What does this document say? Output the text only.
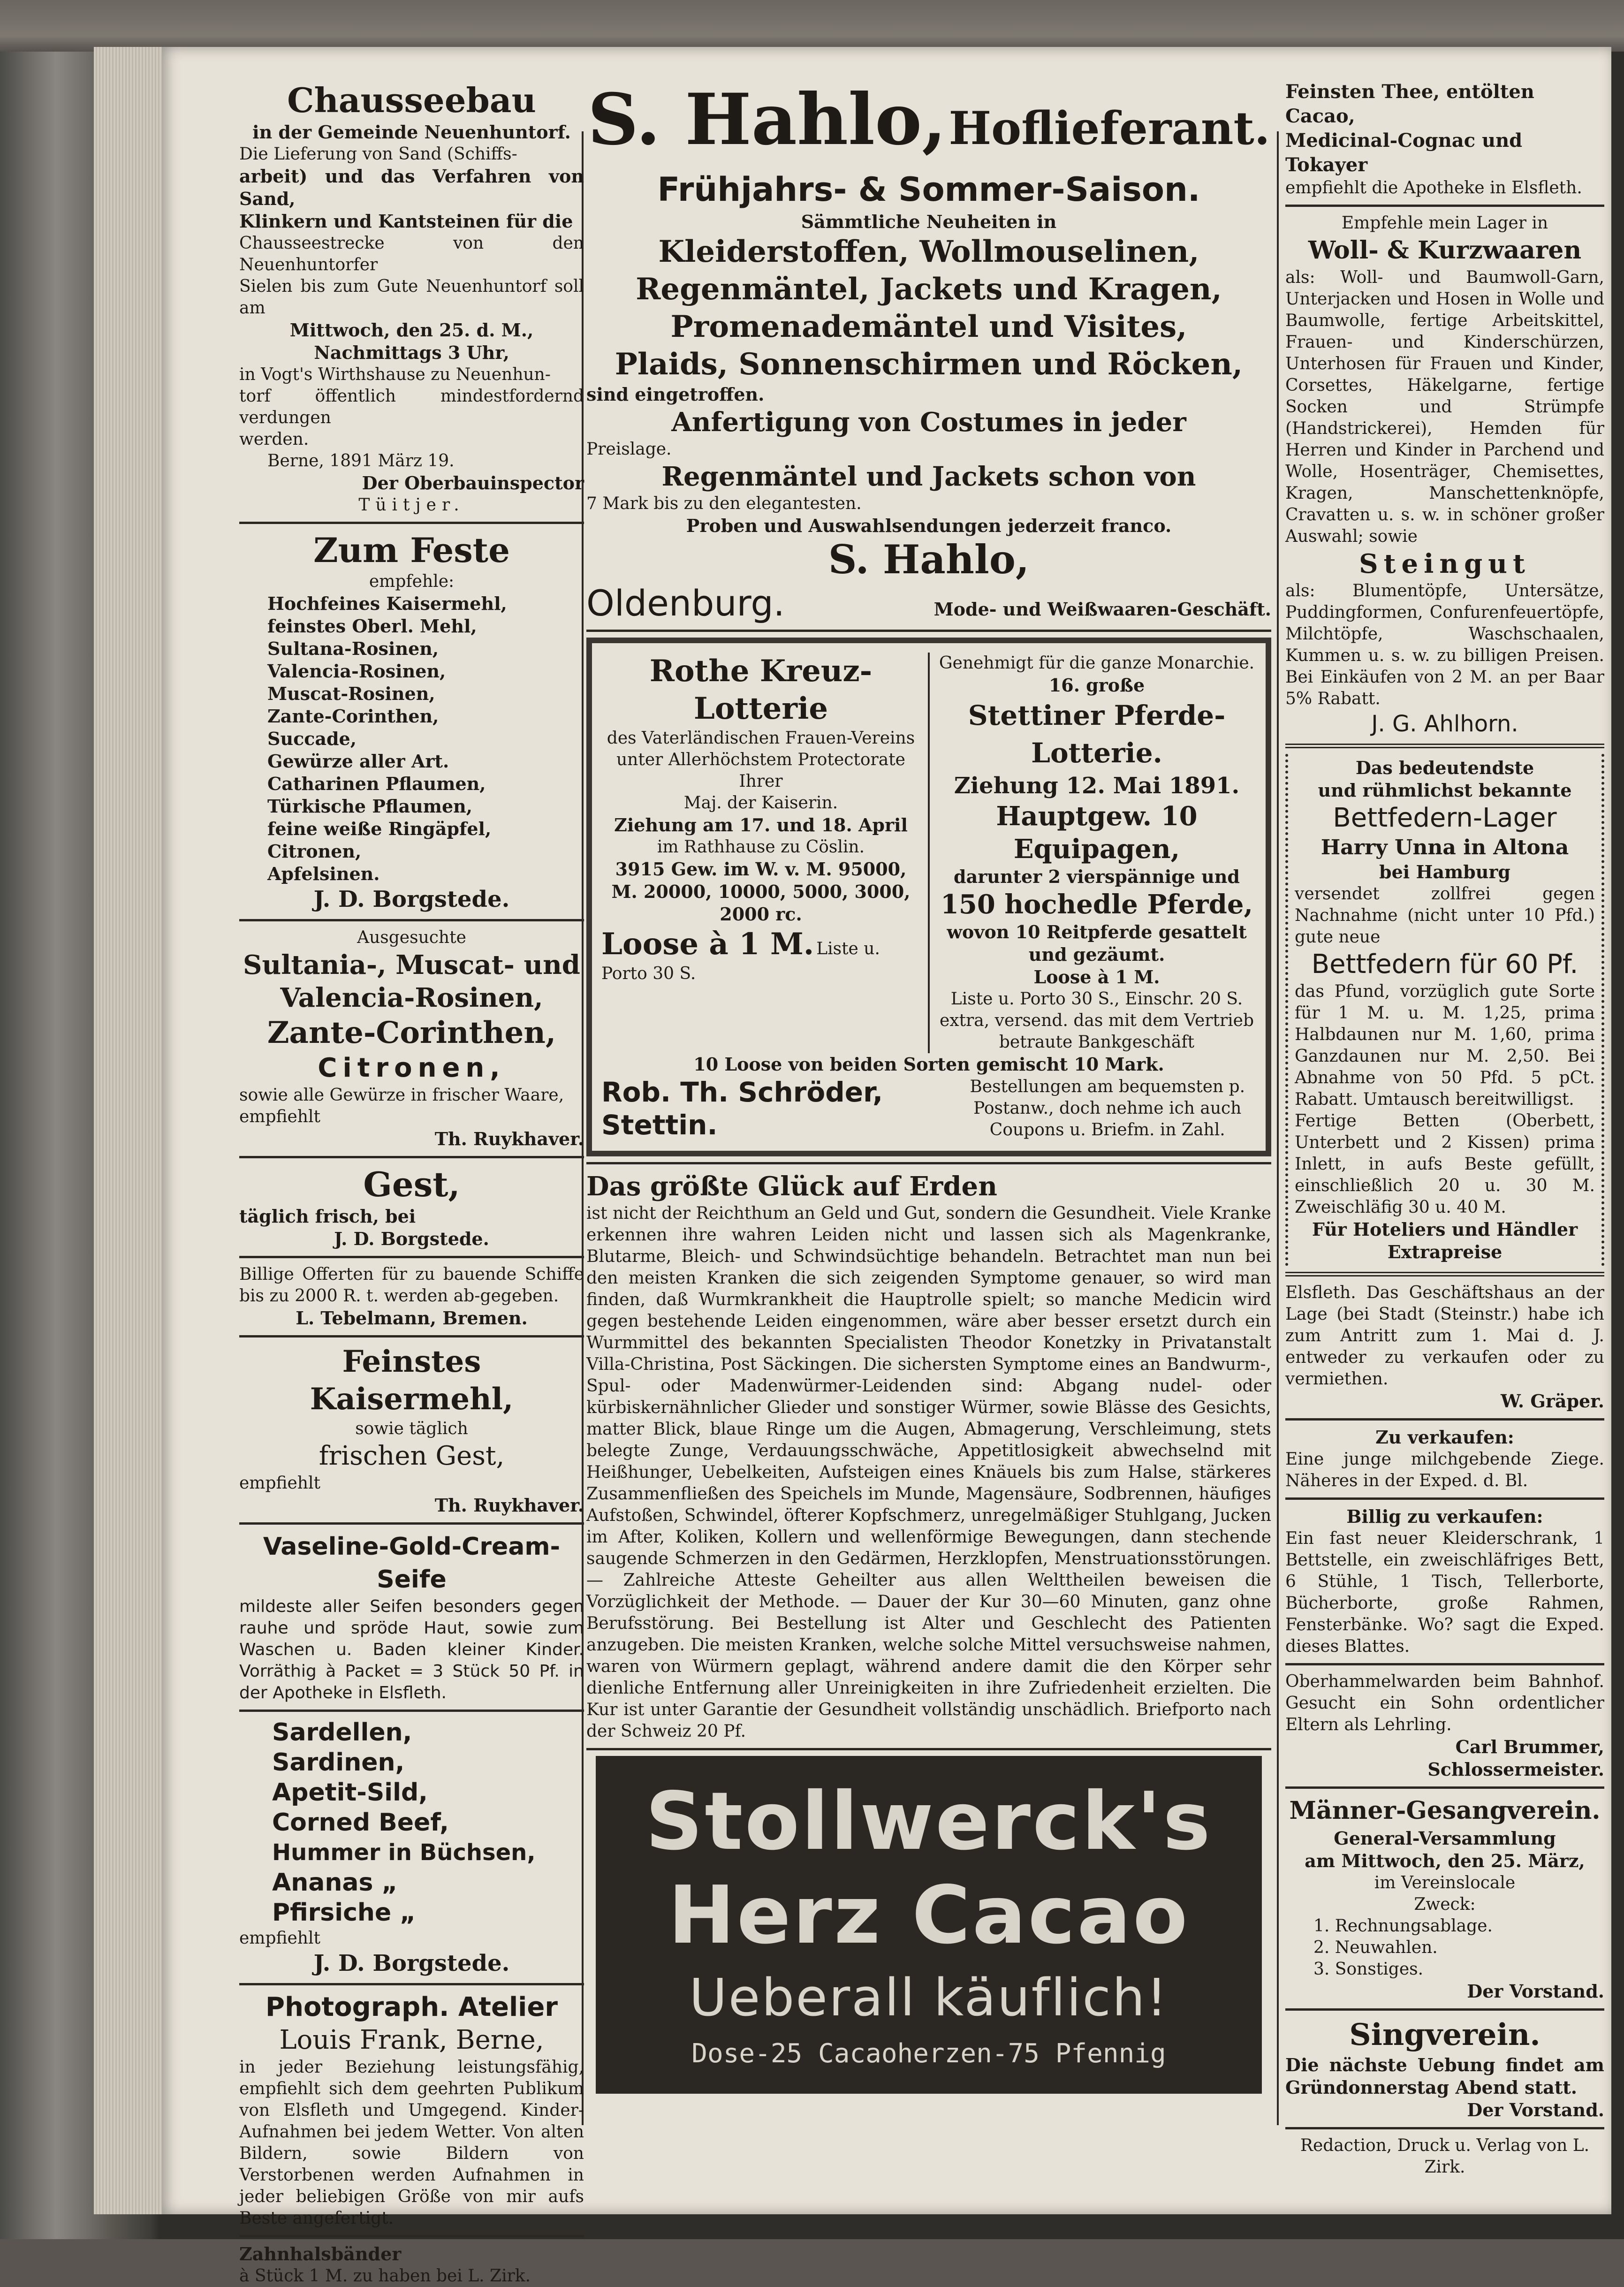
Chausseebau

in der Gemeinde Neuenhuntorf.

Die Lieferung von Sand (Schiffs-

arbeit) und das Verfahren von Sand,

Klinkern und Kantsteinen für die

Chausseestrecke von den Neuenhuntorfer

Sielen bis zum Gute Neuenhuntorf soll am

Mittwoch, den 25. d. M.,

Nachmittags 3 Uhr,

in Vogt's Wirthshause zu Neuenhun-

torf öffentlich mindestfordernd verdungen

werden.

Berne, 1891 März 19.

Der Oberbauinspector

Tüitjer.

Zum Feste

empfehle:

Hochfeines Kaisermehl,

feinstes Oberl. Mehl,

Sultana-Rosinen,

Valencia-Rosinen,

Muscat-Rosinen,

Zante-Corinthen,

Succade,

Gewürze aller Art.

Catharinen Pflaumen,

Türkische Pflaumen,

feine weiße Ringäpfel,

Citronen,

Apfelsinen.

J. D. Borgstede.

Ausgesuchte

Sultania-, Muscat- und

Valencia-Rosinen,

Zante-Corinthen,

Citronen,

sowie alle Gewürze in frischer Waare,

empfiehlt

Th. Ruykhaver.

Gest,

täglich frisch, bei

J. D. Borgstede.

Billige Offerten für zu bauende Schiffe bis zu 2000 R. t. werden ab-gegeben.

L. Tebelmann, Bremen.

Feinstes Kaisermehl,

sowie täglich

frischen Gest,

empfiehlt

Th. Ruykhaver.

Vaseline-Gold-Cream-Seife

mildeste aller Seifen besonders gegen rauhe und spröde Haut, sowie zum Waschen u. Baden kleiner Kinder. Vorräthig à Packet = 3 Stück 50 Pf. in der Apotheke in Elsfleth.

Sardellen,

Sardinen,

Apetit-Sild,

Corned Beef,

Hummer in Büchsen,

Ananas „

Pfirsiche „

empfiehlt

J. D. Borgstede.

Photograph. Atelier

Louis Frank, Berne,

in jeder Beziehung leistungsfähig, empfiehlt sich dem geehrten Publikum von Elsfleth und Umgegend. Kinder-Aufnahmen bei jedem Wetter. Von alten Bildern, sowie Bildern von Verstorbenen werden Aufnahmen in jeder beliebigen Größe von mir aufs Beste angefertigt.

Zahnhalsbänder

à Stück 1 M. zu haben bei L. Zirk.

S. Hahlo, Hoflieferant.

Frühjahrs- & Sommer-Saison.

Sämmtliche Neuheiten in

Kleiderstoffen, Wollmouselinen,

Regenmäntel, Jackets und Kragen,

Promenademäntel und Visites,

Plaids, Sonnenschirmen und Röcken,

sind eingetroffen.

Anfertigung von Costumes in jeder

Preislage.

Regenmäntel und Jackets schon von

7 Mark bis zu den elegantesten.

Proben und Auswahlsendungen jederzeit franco.

S. Hahlo,

Oldenburg.	Mode- und Weißwaaren-Geschäft.

Rothe Kreuz-Lotterie

des Vaterländischen Frauen-Vereins

unter Allerhöchstem Protectorate Ihrer

Maj. der Kaiserin.

Ziehung am 17. und 18. April

im Rathhause zu Cöslin.

3915 Gew. im W. v. M. 95000,

M. 20000, 10000, 5000, 3000,

2000 rc.

Loose à 1 M. Liste u. Porto 30 S.

Genehmigt für die ganze Monarchie.

16. große

Stettiner Pferde-Lotterie.

Ziehung 12. Mai 1891.

Hauptgew. 10 Equipagen,

darunter 2 vierspännige und

150 hochedle Pferde,

wovon 10 Reitpferde gesattelt

und gezäumt.

Loose à 1 M.

Liste u. Porto 30 S., Einschr. 20 S. extra, versend. das mit dem Vertrieb betraute Bankgeschäft

10 Loose von beiden Sorten gemischt 10 Mark.

Rob. Th. Schröder, Stettin.

Bestellungen am bequemsten p. Postanw., doch nehme ich auch Coupons u. Briefm. in Zahl.

Das größte Glück auf Erden

ist nicht der Reichthum an Geld und Gut, sondern die Gesundheit. Viele Kranke erkennen ihre wahren Leiden nicht und lassen sich als Magenkranke, Blutarme, Bleich- und Schwindsüchtige behandeln. Betrachtet man nun bei den meisten Kranken die sich zeigenden Symptome genauer, so wird man finden, daß Wurmkrankheit die Hauptrolle spielt; so manche Medicin wird gegen bestehende Leiden eingenommen, wäre aber besser ersetzt durch ein Wurmmittel des bekannten Specialisten Theodor Konetzky in Privatanstalt Villa-Christina, Post Säckingen. Die sichersten Symptome eines an Bandwurm-, Spul- oder Madenwürmer-Leidenden sind: Abgang nudel- oder kürbiskernähnlicher Glieder und sonstiger Würmer, sowie Blässe des Gesichts, matter Blick, blaue Ringe um die Augen, Abmagerung, Verschleimung, stets belegte Zunge, Verdauungsschwäche, Appetitlosigkeit abwechselnd mit Heißhunger, Uebelkeiten, Aufsteigen eines Knäuels bis zum Halse, stärkeres Zusammenfließen des Speichels im Munde, Magensäure, Sodbrennen, häufiges Aufstoßen, Schwindel, öfterer Kopfschmerz, unregelmäßiger Stuhlgang, Jucken im After, Koliken, Kollern und wellenförmige Bewegungen, dann stechende saugende Schmerzen in den Gedärmen, Herzklopfen, Menstruationsstörungen. — Zahlreiche Atteste Geheilter aus allen Welttheilen beweisen die Vorzüglichkeit der Methode. — Dauer der Kur 30—60 Minuten, ganz ohne Berufsstörung. Bei Bestellung ist Alter und Geschlecht des Patienten anzugeben. Die meisten Kranken, welche solche Mittel versuchsweise nahmen, waren von Würmern geplagt, während andere damit die den Körper sehr dienliche Entfernung aller Unreinigkeiten in ihre Zufriedenheit erzielten. Die Kur ist unter Garantie der Gesundheit vollständig unschädlich. Briefporto nach der Schweiz 20 Pf.

Stollwerck's

Herz Cacao

Ueberall käuflich!

Dose-25 Cacaoherzen-75 Pfennig

Feinsten Thee, entölten Cacao,

Medicinal-Cognac und Tokayer

empfiehlt die Apotheke in Elsfleth.

Empfehle mein Lager in

Woll- & Kurzwaaren

als: Woll- und Baumwoll-Garn, Unterjacken und Hosen in Wolle und Baumwolle, fertige Arbeitskittel, Frauen- und Kinderschürzen, Unterhosen für Frauen und Kinder, Corsettes, Häkelgarne, fertige Socken und Strümpfe (Handstrickerei), Hemden für Herren und Kinder in Parchend und Wolle, Hosenträger, Chemisettes, Kragen, Manschettenknöpfe, Cravatten u. s. w. in schöner großer Auswahl; sowie

Steingut

als: Blumentöpfe, Untersätze, Puddingformen, Confurenfeuertöpfe, Milchtöpfe, Waschschaalen, Kummen u. s. w. zu billigen Preisen. Bei Einkäufen von 2 M. an per Baar 5% Rabatt.

J. G. Ahlhorn.

Das bedeutendste

und rühmlichst bekannte

Bettfedern-Lager

Harry Unna in Altona

bei Hamburg

versendet zollfrei gegen Nachnahme (nicht unter 10 Pfd.) gute neue

Bettfedern für 60 Pf.

das Pfund, vorzüglich gute Sorte für 1 M. u. M. 1,25, prima Halbdaunen nur M. 1,60, prima Ganzdaunen nur M. 2,50. Bei Abnahme von 50 Pfd. 5 pCt. Rabatt. Umtausch bereitwilligst.

Fertige Betten (Oberbett, Unterbett und 2 Kissen) prima Inlett, in aufs Beste gefüllt, einschließlich 20 u. 30 M. Zweischläfig 30 u. 40 M.

Für Hoteliers und Händler

Extrapreise

Elsfleth. Das Geschäftshaus an der Lage (bei Stadt (Steinstr.) habe ich zum Antritt zum 1. Mai d. J. entweder zu verkaufen oder zu vermiethen.

W. Gräper.

Zu verkaufen:

Eine junge milchgebende Ziege. Näheres in der Exped. d. Bl.

Billig zu verkaufen:

Ein fast neuer Kleiderschrank, 1 Bettstelle, ein zweischläfriges Bett, 6 Stühle, 1 Tisch, Tellerborte, Bücherborte, große Rahmen, Fensterbänke. Wo? sagt die Exped. dieses Blattes.

Oberhammelwarden beim Bahnhof. Gesucht ein Sohn ordentlicher Eltern als Lehrling.

Carl Brummer, Schlossermeister.

Männer-Gesangverein.

General-Versammlung

am Mittwoch, den 25. März,

im Vereinslocale

Zweck:

1. Rechnungsablage.

2. Neuwahlen.

3. Sonstiges.

Der Vorstand.

Singverein.

Die nächste Uebung findet am Gründonnerstag Abend statt.

Der Vorstand.

Redaction, Druck u. Verlag von L. Zirk.
